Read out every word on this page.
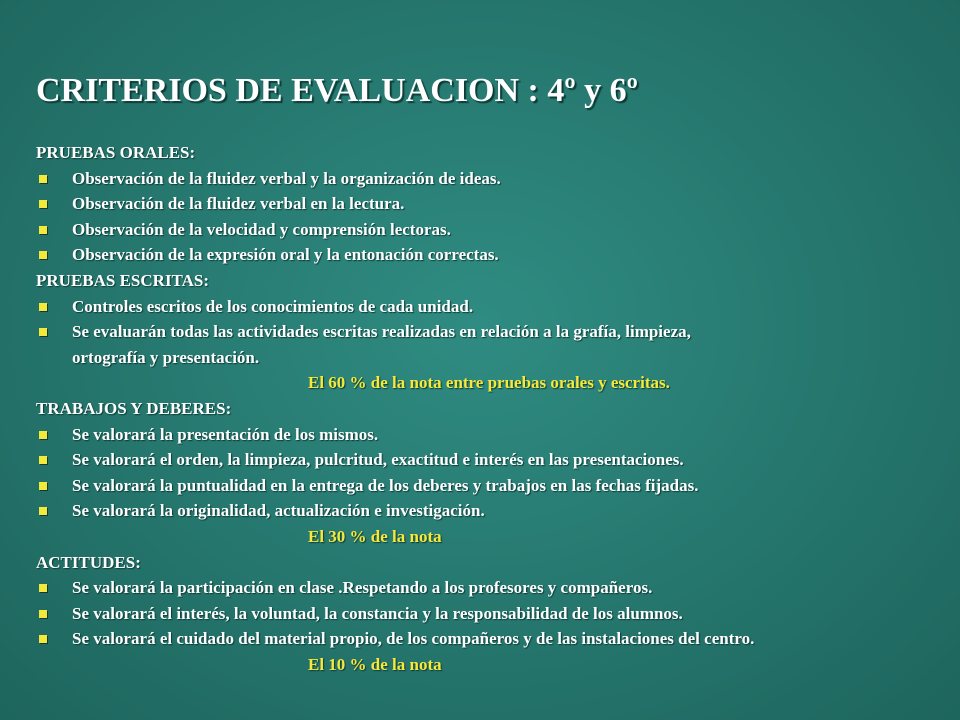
CRITERIOS DE EVALUACION : 4º y 6º
PRUEBAS ORALES:
Observación de la fluidez verbal y la organización de ideas.
Observación de la fluidez verbal en la lectura.
Observación de la velocidad y comprensión lectoras.
Observación de la expresión oral y la entonación correctas.
PRUEBAS ESCRITAS:
Controles escritos de los conocimientos de cada unidad.
Se evaluarán todas las actividades escritas realizadas en relación a la grafía, limpieza,
ortografía y presentación.
El 60 % de la nota entre pruebas orales y escritas.
TRABAJOS Y DEBERES:
Se valorará la presentación de los mismos.
Se valorará el orden, la limpieza, pulcritud, exactitud e interés en las presentaciones.
Se valorará la puntualidad en la entrega de los deberes y trabajos en las fechas fijadas.
Se valorará la originalidad, actualización e investigación.
El 30 % de la nota
ACTITUDES:
Se valorará la participación en clase .Respetando a los profesores y compañeros.
Se valorará el interés, la voluntad, la constancia y la responsabilidad de los alumnos.
Se valorará el cuidado del material propio, de los compañeros y de las instalaciones del centro.
El 10 % de la nota
